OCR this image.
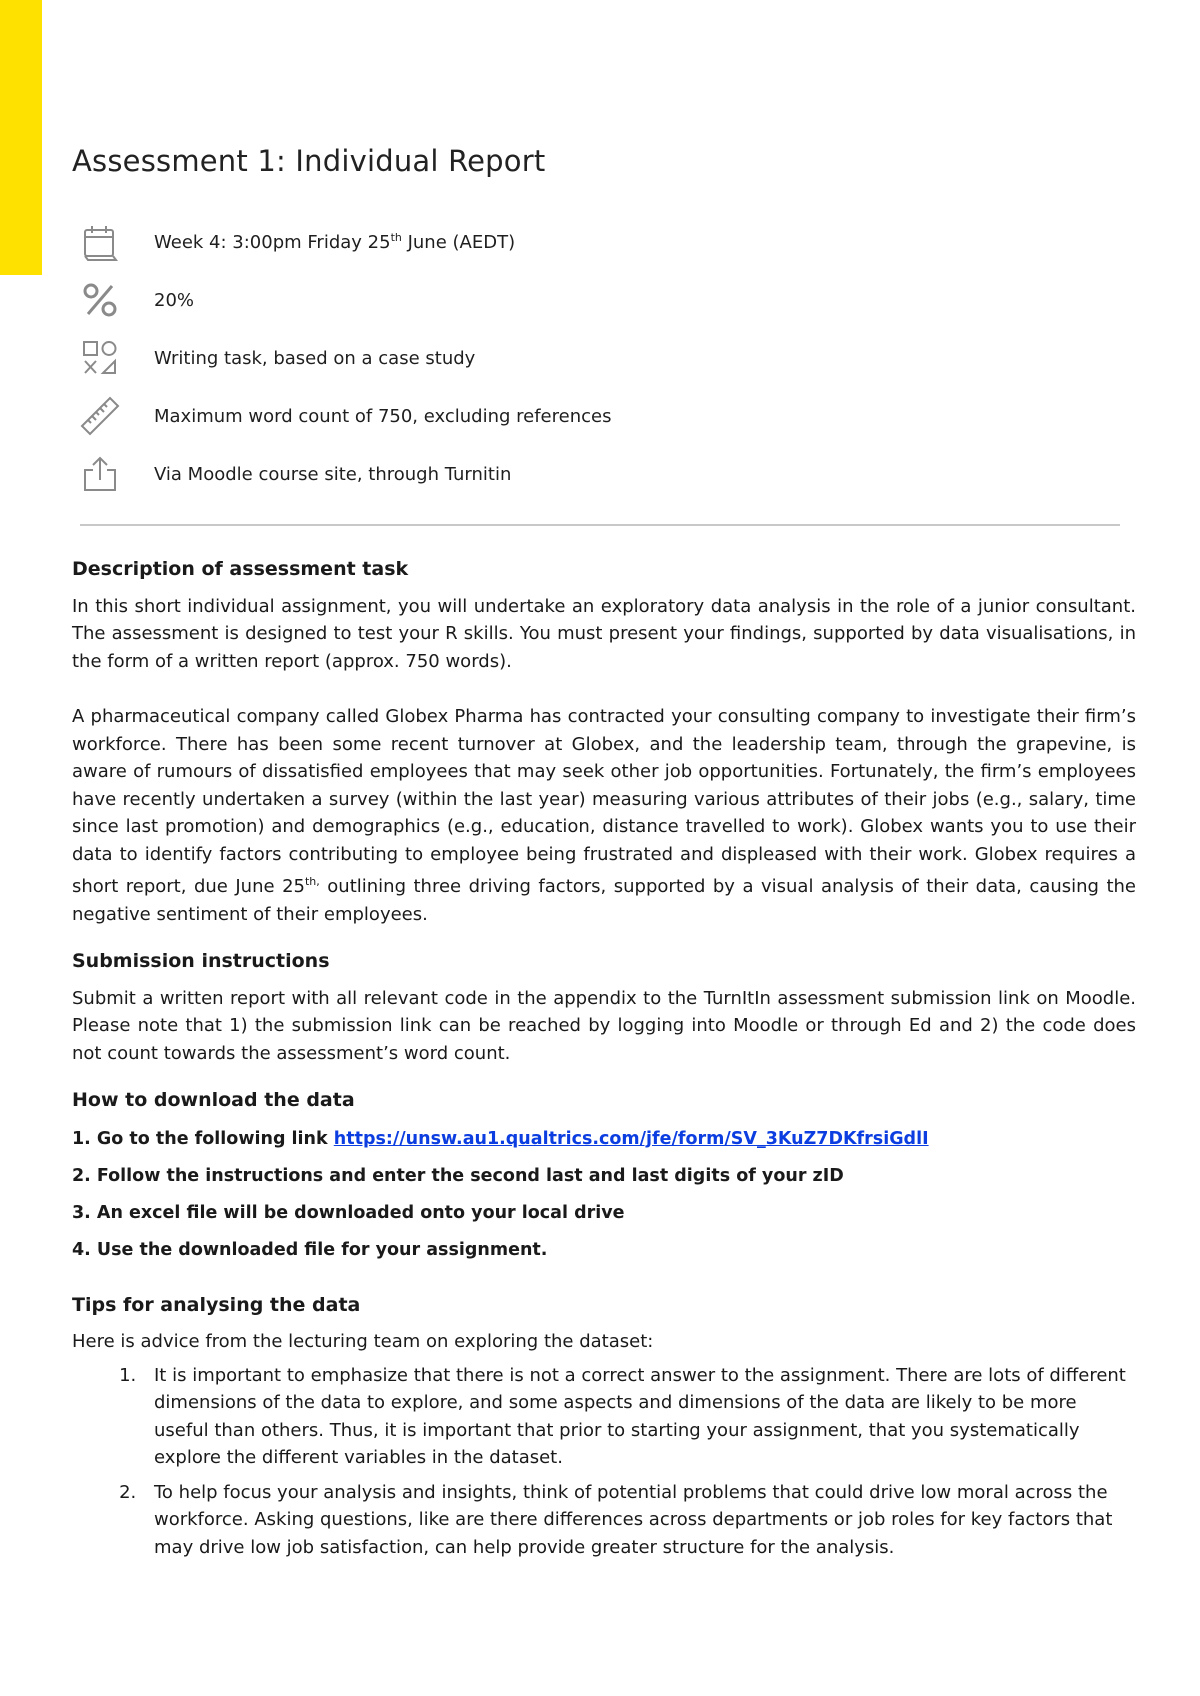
Assessment 1: Individual Report
Week 4: 3:00pm Friday 25th June (AEDT)
20%
Writing task, based on a case study
Maximum word count of 750, excluding references
Via Moodle course site, through Turnitin
Description of assessment task

In this short individual assignment, you will undertake an exploratory data analysis in the role of a junior consultant. The assessment is designed to test your R skills. You must present your findings, supported by data visualisations, in the form of a written report (approx. 750 words).

A pharmaceutical company called Globex Pharma has contracted your consulting company to investigate their firm’s workforce. There has been some recent turnover at Globex, and the leadership team, through the grapevine, is aware of rumours of dissatisfied employees that may seek other job opportunities. Fortunately, the firm’s employees have recently undertaken a survey (within the last year) measuring various attributes of their jobs (e.g., salary, time since last promotion) and demographics (e.g., education, distance travelled to work). Globex wants you to use their data to identify factors contributing to employee being frustrated and displeased with their work. Globex requires a short report, due June $25^{th,}$ outlining three driving factors, supported by a visual analysis of their data, causing the negative sentiment of their employees.

Submission instructions

Submit a written report with all relevant code in the appendix to the TurnItIn assessment submission link on Moodle. Please note that 1) the submission link can be reached by logging into Moodle or through Ed and 2) the code does not count towards the assessment’s word count.

How to download the data
1. Go to the following link https://unsw.au1.qualtrics.com/jfe/form/SV_3KuZ7DKfrsiGdlI
2. Follow the instructions and enter the second last and last digits of your zID
3. An excel file will be downloaded onto your local drive
4. Use the downloaded file for your assignment.
Tips for analysing the data

Here is advice from the lecturing team on exploring the dataset:

1. It is important to emphasize that there is not a correct answer to the assignment. There are lots of different dimensions of the data to explore, and some aspects and dimensions of the data are likely to be more useful than others. Thus, it is important that prior to starting your assignment, that you systematically explore the different variables in the dataset.
2. To help focus your analysis and insights, think of potential problems that could drive low moral across the workforce. Asking questions, like are there differences across departments or job roles for key factors that may drive low job satisfaction, can help provide greater structure for the analysis.
